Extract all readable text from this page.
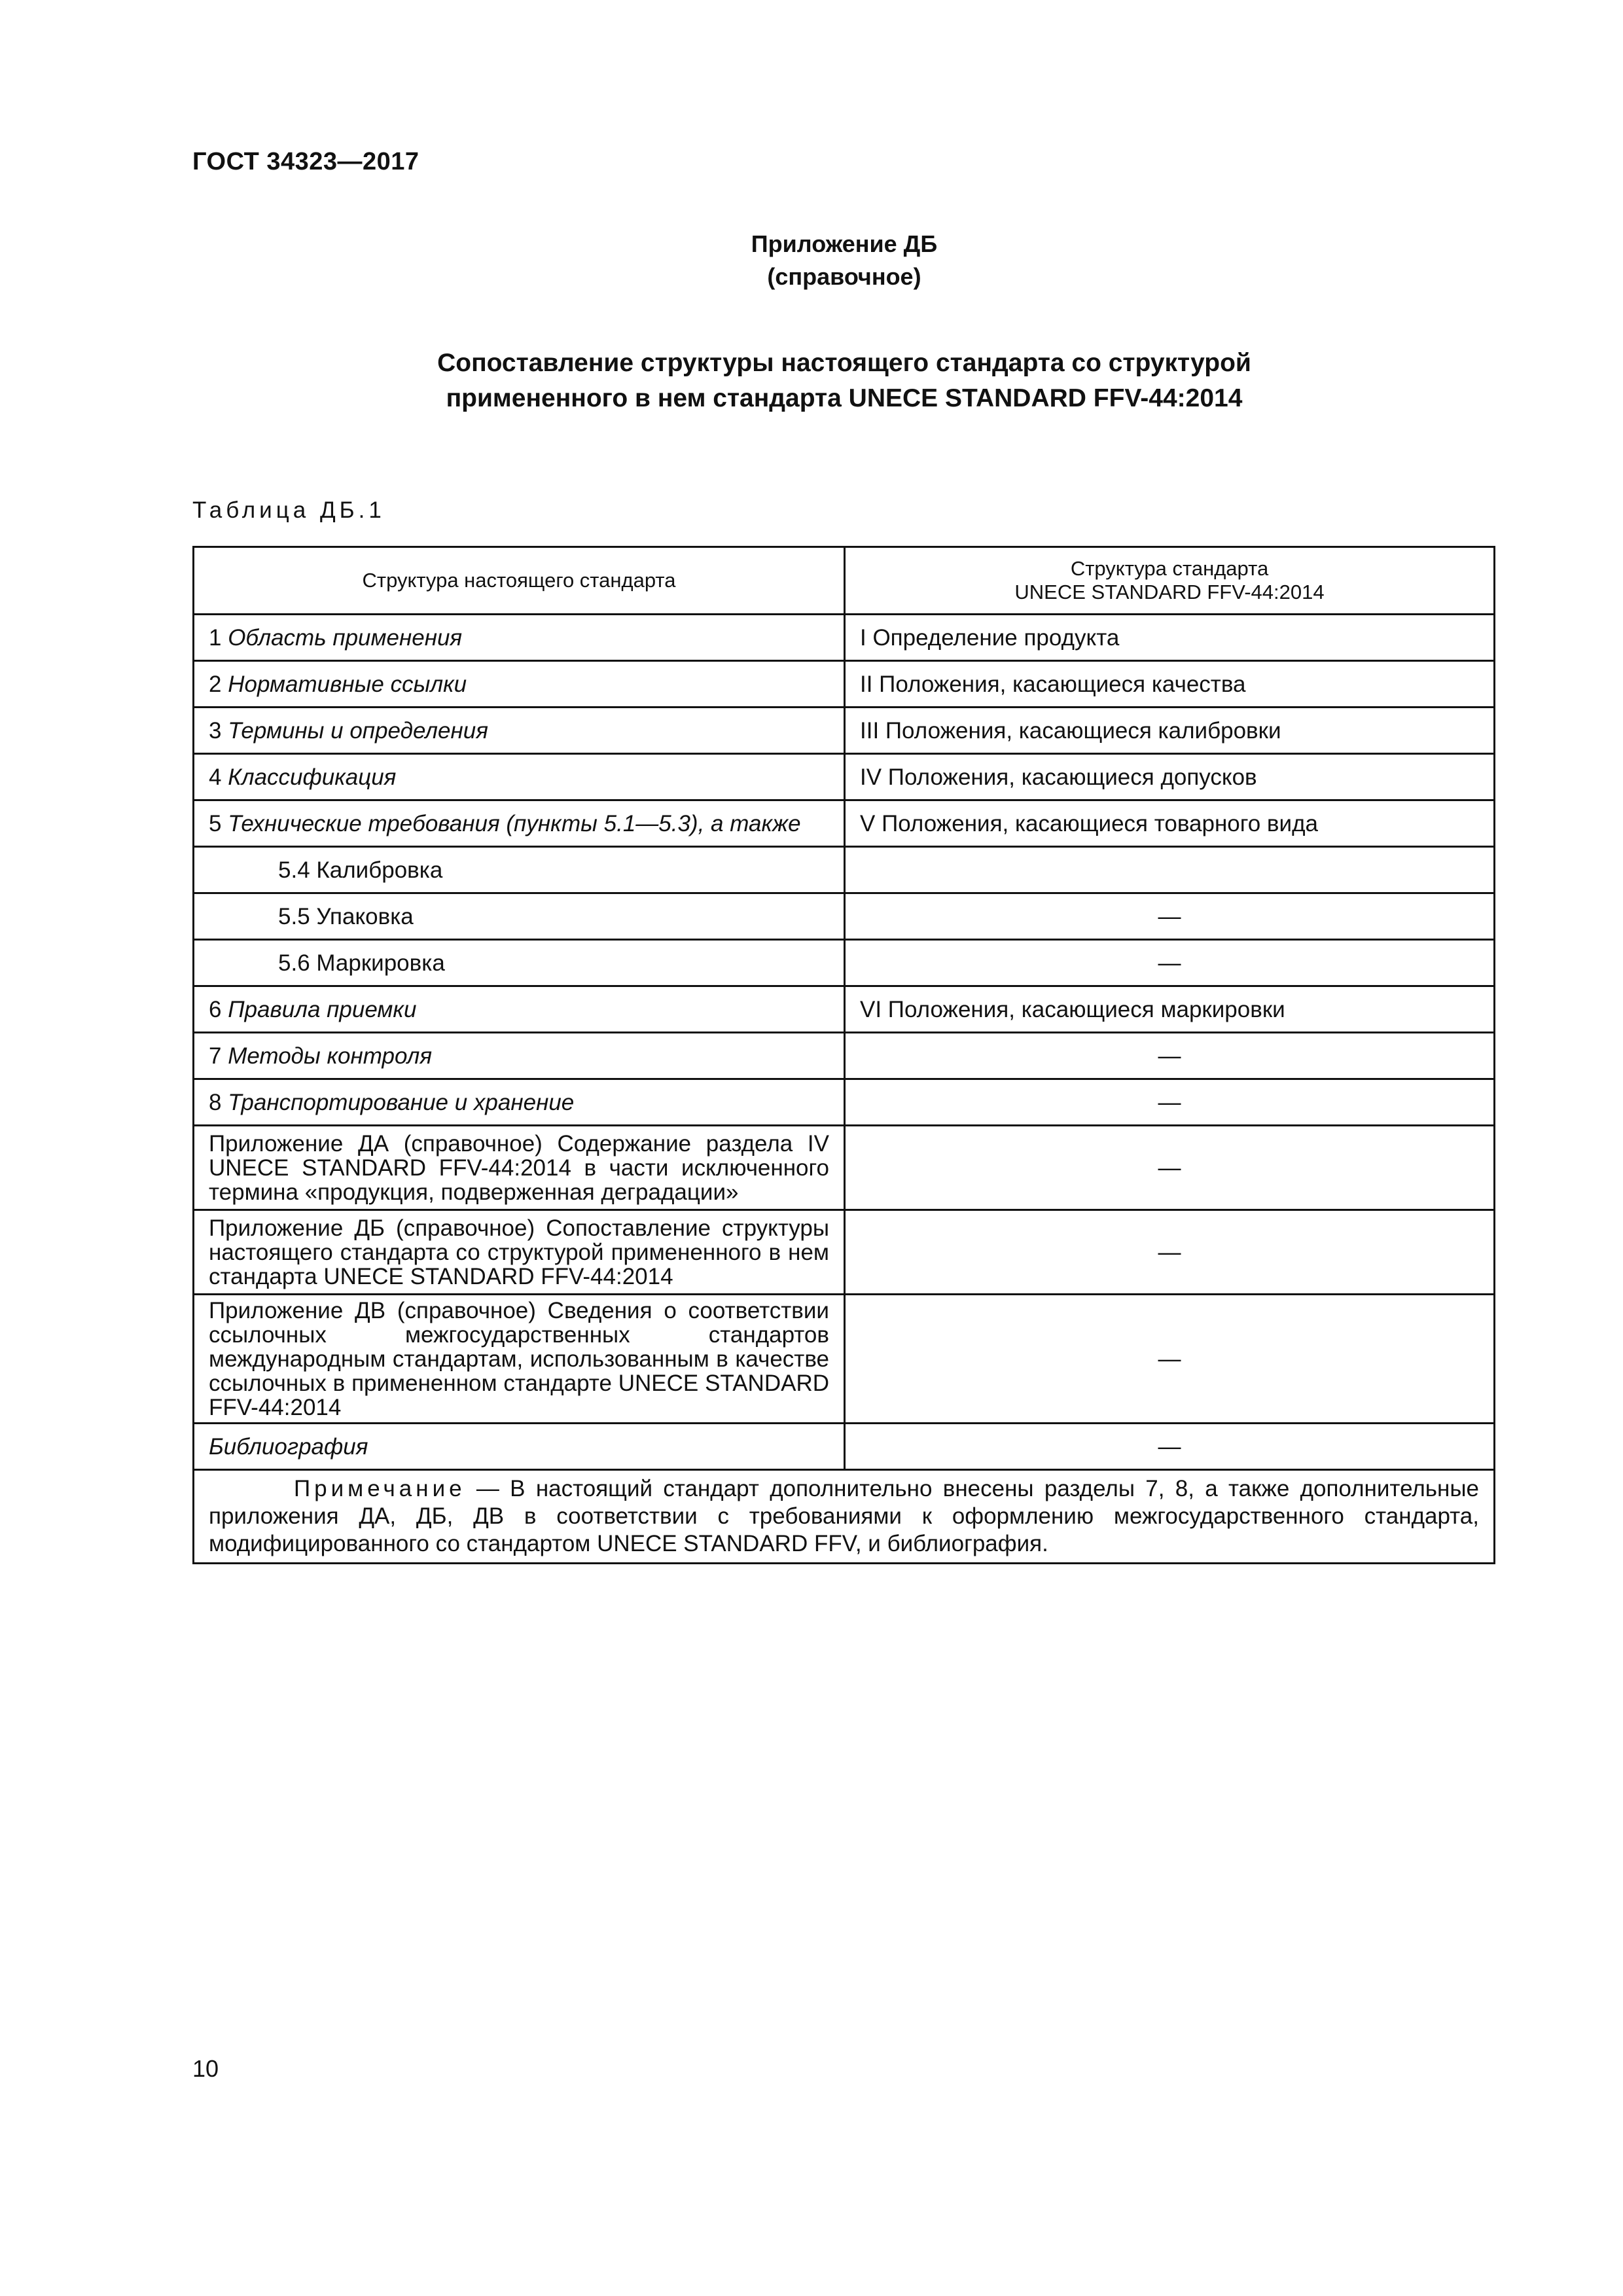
ГОСТ 34323—2017
Приложение ДБ
(справочное)
Сопоставление структуры настоящего стандарта со структурой
примененного в нем стандарта UNECE STANDARD FFV-44:2014
Таблица ДБ.1
Структура настоящего стандарта	Структура стандарта
UNECE STANDARD FFV-44:2014

1 Область применения	I Определение продукта
2 Нормативные ссылки	II Положения, касающиеся качества
3 Термины и определения	III Положения, касающиеся калибровки
4 Классификация	IV Положения, касающиеся допусков
5 Технические требования (пункты 5.1—5.3), а также	V Положения, касающиеся товарного вида
5.4 Калибровка	
5.5 Упаковка	—
5.6 Маркировка	—
6 Правила приемки	VI Положения, касающиеся маркировки
7 Методы контроля	—
8 Транспортирование и хранение	—
Приложение ДА (справочное) Содержание раздела IV UNECE STANDARD FFV-44:2014 в части исключенного термина «продукция, подверженная деградации»	—
Приложение ДБ (справочное) Сопоставление структуры настоящего стандарта со структурой примененного в нем стандарта UNECE STANDARD FFV-44:2014	—
Приложение ДВ (справочное) Сведения о соответствии ссылочных межгосударственных стандартов международным стандартам, использованным в качестве ссылочных в примененном стандарте UNECE STANDARD FFV-44:2014	—
Библиография	—

Примечание — В настоящий стандарт дополнительно внесены разделы 7, 8, а также дополнительные приложения ДА, ДБ, ДВ в соответствии с требованиями к оформлению межгосударственного стандарта, модифицированного со стандартом UNECE STANDARD FFV, и библиография.	
10
